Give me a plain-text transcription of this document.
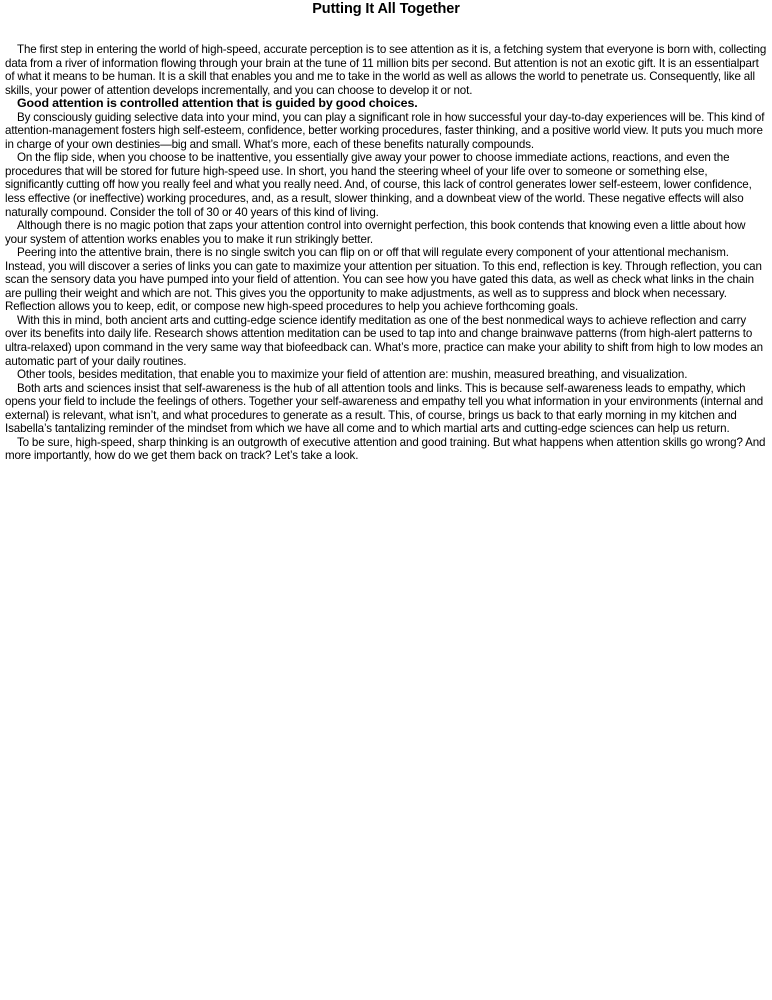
Putting It All Together

The first step in entering the world of high-speed, accurate perception is to see attention as it is, a fetching system that everyone is born with, collecting data from a river of information flowing through your brain at the tune of 11 million bits per second. But attention is not an exotic gift. It is an essentialpart of what it means to be human. It is a skill that enables you and me to take in the world as well as allows the world to penetrate us. Consequently, like all skills, your power of attention develops incrementally, and you can choose to develop it or not.

Good attention is controlled attention that is guided by good choices.

By consciously guiding selective data into your mind, you can play a significant role in how successful your day-to-day experiences will be. This kind of attention-management fosters high self-esteem, confidence, better working procedures, faster thinking, and a positive world view. It puts you much more in charge of your own destinies—big and small. What’s more, each of these benefits naturally compounds.

On the flip side, when you choose to be inattentive, you essentially give away your power to choose immediate actions, reactions, and even the procedures that will be stored for future high-speed use. In short, you hand the steering wheel of your life over to someone or something else, significantly cutting off how you really feel and what you really need. And, of course, this lack of control generates lower self-esteem, lower confidence, less effective (or ineffective) working procedures, and, as a result, slower thinking, and a downbeat view of the world. These negative effects will also naturally compound. Consider the toll of 30 or 40 years of this kind of living.

Although there is no magic potion that zaps your attention control into overnight perfection, this book contends that knowing even a little about how your system of attention works enables you to make it run strikingly better.

Peering into the attentive brain, there is no single switch you can flip on or off that will regulate every component of your attentional mechanism. Instead, you will discover a series of links you can gate to maximize your attention per situation. To this end, reflection is key. Through reflection, you can scan the sensory data you have pumped into your field of attention. You can see how you have gated this data, as well as check what links in the chain are pulling their weight and which are not. This gives you the opportunity to make adjustments, as well as to suppress and block when necessary. Reflection allows you to keep, edit, or compose new high-speed procedures to help you achieve forthcoming goals.

With this in mind, both ancient arts and cutting-edge science identify meditation as one of the best nonmedical ways to achieve reflection and carry over its benefits into daily life. Research shows attention meditation can be used to tap into and change brainwave patterns (from high-alert patterns to ultra-relaxed) upon command in the very same way that biofeedback can. What’s more, practice can make your ability to shift from high to low modes an automatic part of your daily routines.

Other tools, besides meditation, that enable you to maximize your field of attention are: mushin, measured breathing, and visualization.

Both arts and sciences insist that self-awareness is the hub of all attention tools and links. This is because self-awareness leads to empathy, which opens your field to include the feelings of others. Together your self-awareness and empathy tell you what information in your environments (internal and external) is relevant, what isn’t, and what procedures to generate as a result. This, of course, brings us back to that early morning in my kitchen and Isabella’s tantalizing reminder of the mindset from which we have all come and to which martial arts and cutting-edge sciences can help us return.

To be sure, high-speed, sharp thinking is an outgrowth of executive attention and good training. But what happens when attention skills go wrong? And more importantly, how do we get them back on track? Let’s take a look.
